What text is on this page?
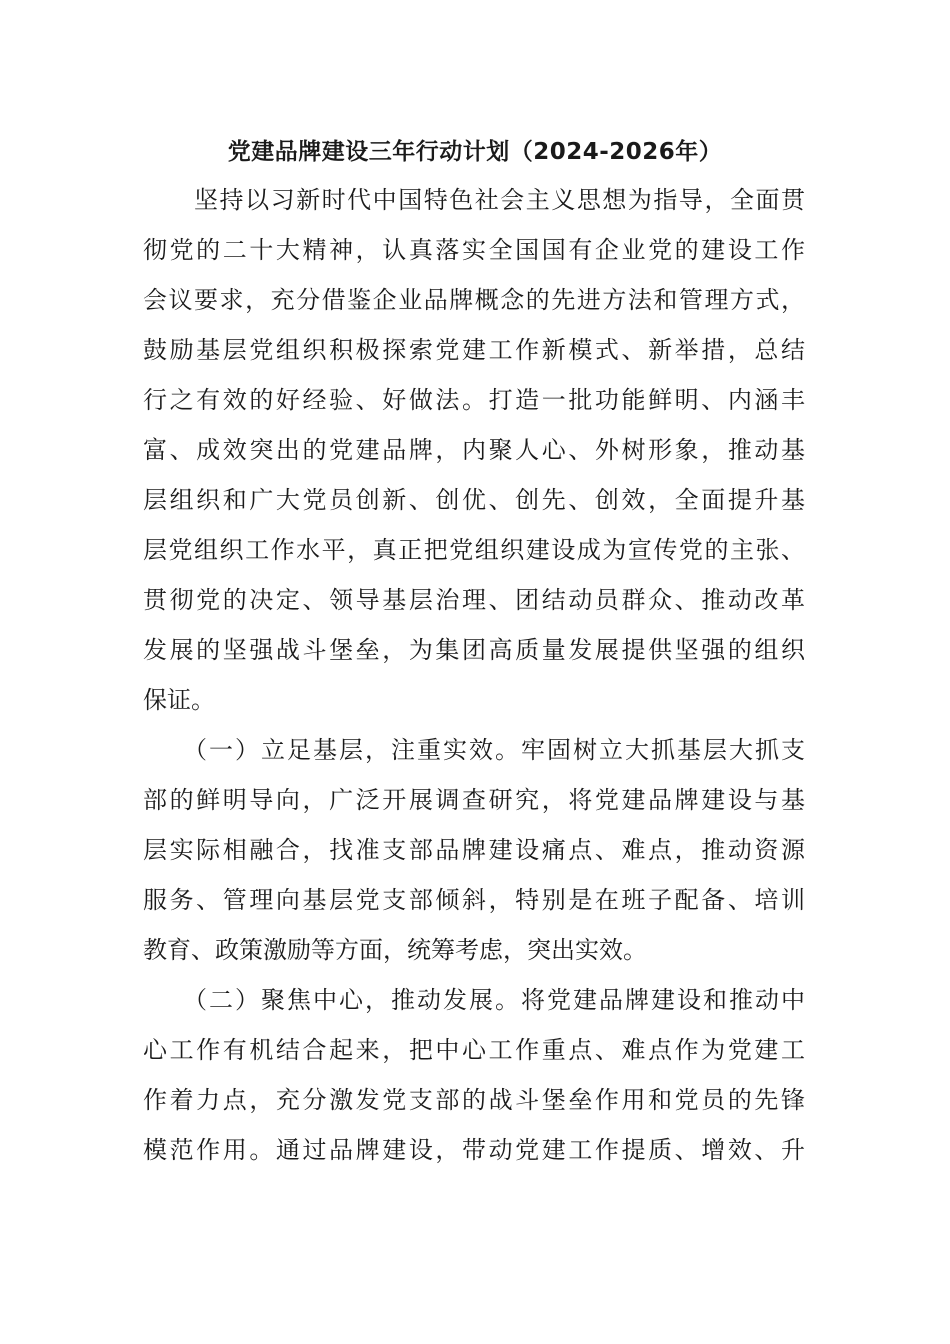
党建品牌建设三年行动计划（2024-2026年）
　　坚持以习新时代中国特色社会主义思想为指导，全面贯
彻党的二十大精神，认真落实全国国有企业党的建设工作
会议要求，充分借鉴企业品牌概念的先进方法和管理方式，
鼓励基层党组织积极探索党建工作新模式、新举措，总结
行之有效的好经验、好做法。打造一批功能鲜明、内涵丰
富、成效突出的党建品牌，内聚人心、外树形象，推动基
层组织和广大党员创新、创优、创先、创效，全面提升基
层党组织工作水平，真正把党组织建设成为宣传党的主张、
贯彻党的决定、领导基层治理、团结动员群众、推动改革
发展的坚强战斗堡垒，为集团高质量发展提供坚强的组织
保证。
　　（一）立足基层，注重实效。牢固树立大抓基层大抓支
部的鲜明导向，广泛开展调查研究，将党建品牌建设与基
层实际相融合，找准支部品牌建设痛点、难点，推动资源
服务、管理向基层党支部倾斜，特别是在班子配备、培训
教育、政策激励等方面，统筹考虑，突出实效。
　　（二）聚焦中心，推动发展。将党建品牌建设和推动中
心工作有机结合起来，把中心工作重点、难点作为党建工
作着力点，充分激发党支部的战斗堡垒作用和党员的先锋
模范作用。通过品牌建设，带动党建工作提质、增效、升
